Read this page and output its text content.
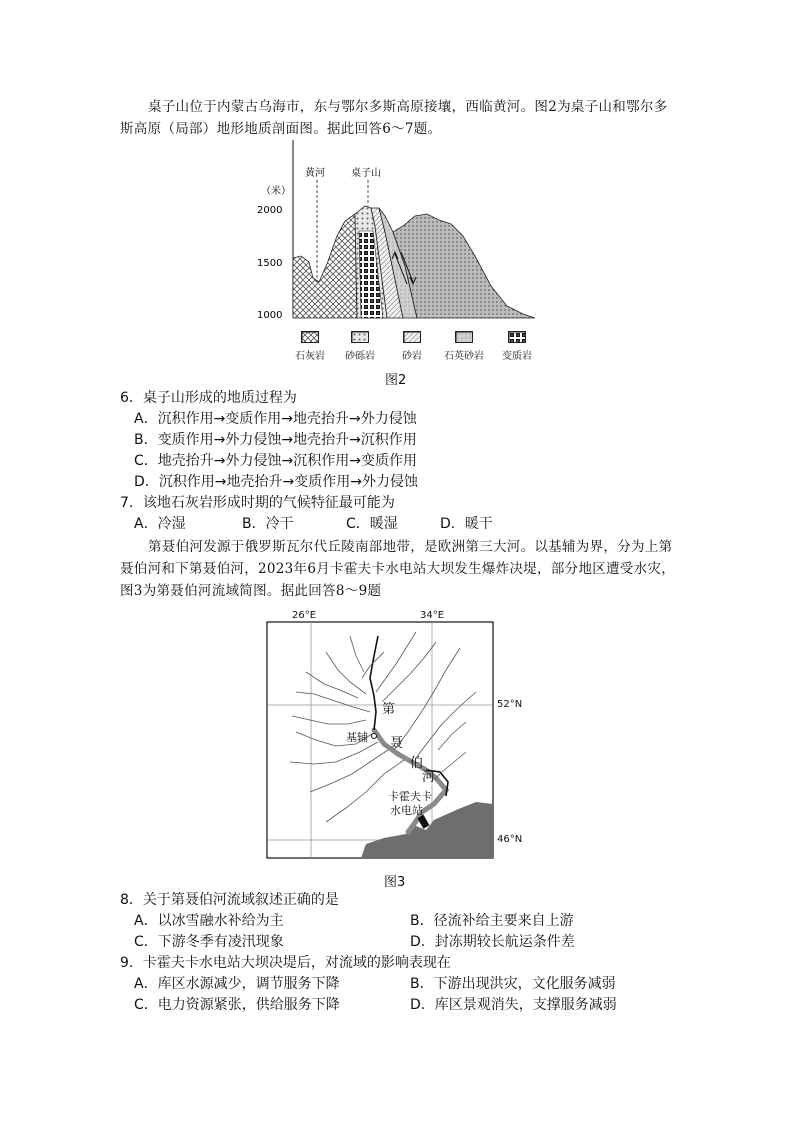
桌子山位于内蒙古乌海市，东与鄂尔多斯高原接壤，西临黄河。图2为桌子山和鄂尔多斯高原（局部）地形地质剖面图。据此回答6～7题。
（米）
2000
1500
1000
黄河	桌子山
石灰岩	砂砾岩	砂岩	石英砂岩	变质岩
图2
6．桌子山形成的地质过程为
A．沉积作用→变质作用→地壳抬升→外力侵蚀
B．变质作用→外力侵蚀→地壳抬升→沉积作用
C．地壳抬升→外力侵蚀→沉积作用→变质作用
D．沉积作用→地壳抬升→变质作用→外力侵蚀
7．该地石灰岩形成时期的气候特征最可能为
A．冷湿	B．冷干	C．暖湿	D．暖干
第聂伯河发源于俄罗斯瓦尔代丘陵南部地带，是欧洲第三大河。以基辅为界，分为上第聂伯河和下第聂伯河，2023年6月卡霍夫卡水电站大坝发生爆炸决堤，部分地区遭受水灾，图3为第聂伯河流域简图。据此回答8～9题
26°E	34°E
52°N
46°N
第
聂
伯
河
基辅
卡霍夫卡
水电站
图3
8．关于第聂伯河流域叙述正确的是
A．以冰雪融水补给为主	B．径流补给主要来自上游
C．下游冬季有凌汛现象	D．封冻期较长航运条件差
9．卡霍夫卡水电站大坝决堤后，对流域的影响表现在
A．库区水源减少，调节服务下降	B．下游出现洪灾，文化服务减弱
C．电力资源紧张，供给服务下降	D．库区景观消失，支撑服务减弱
